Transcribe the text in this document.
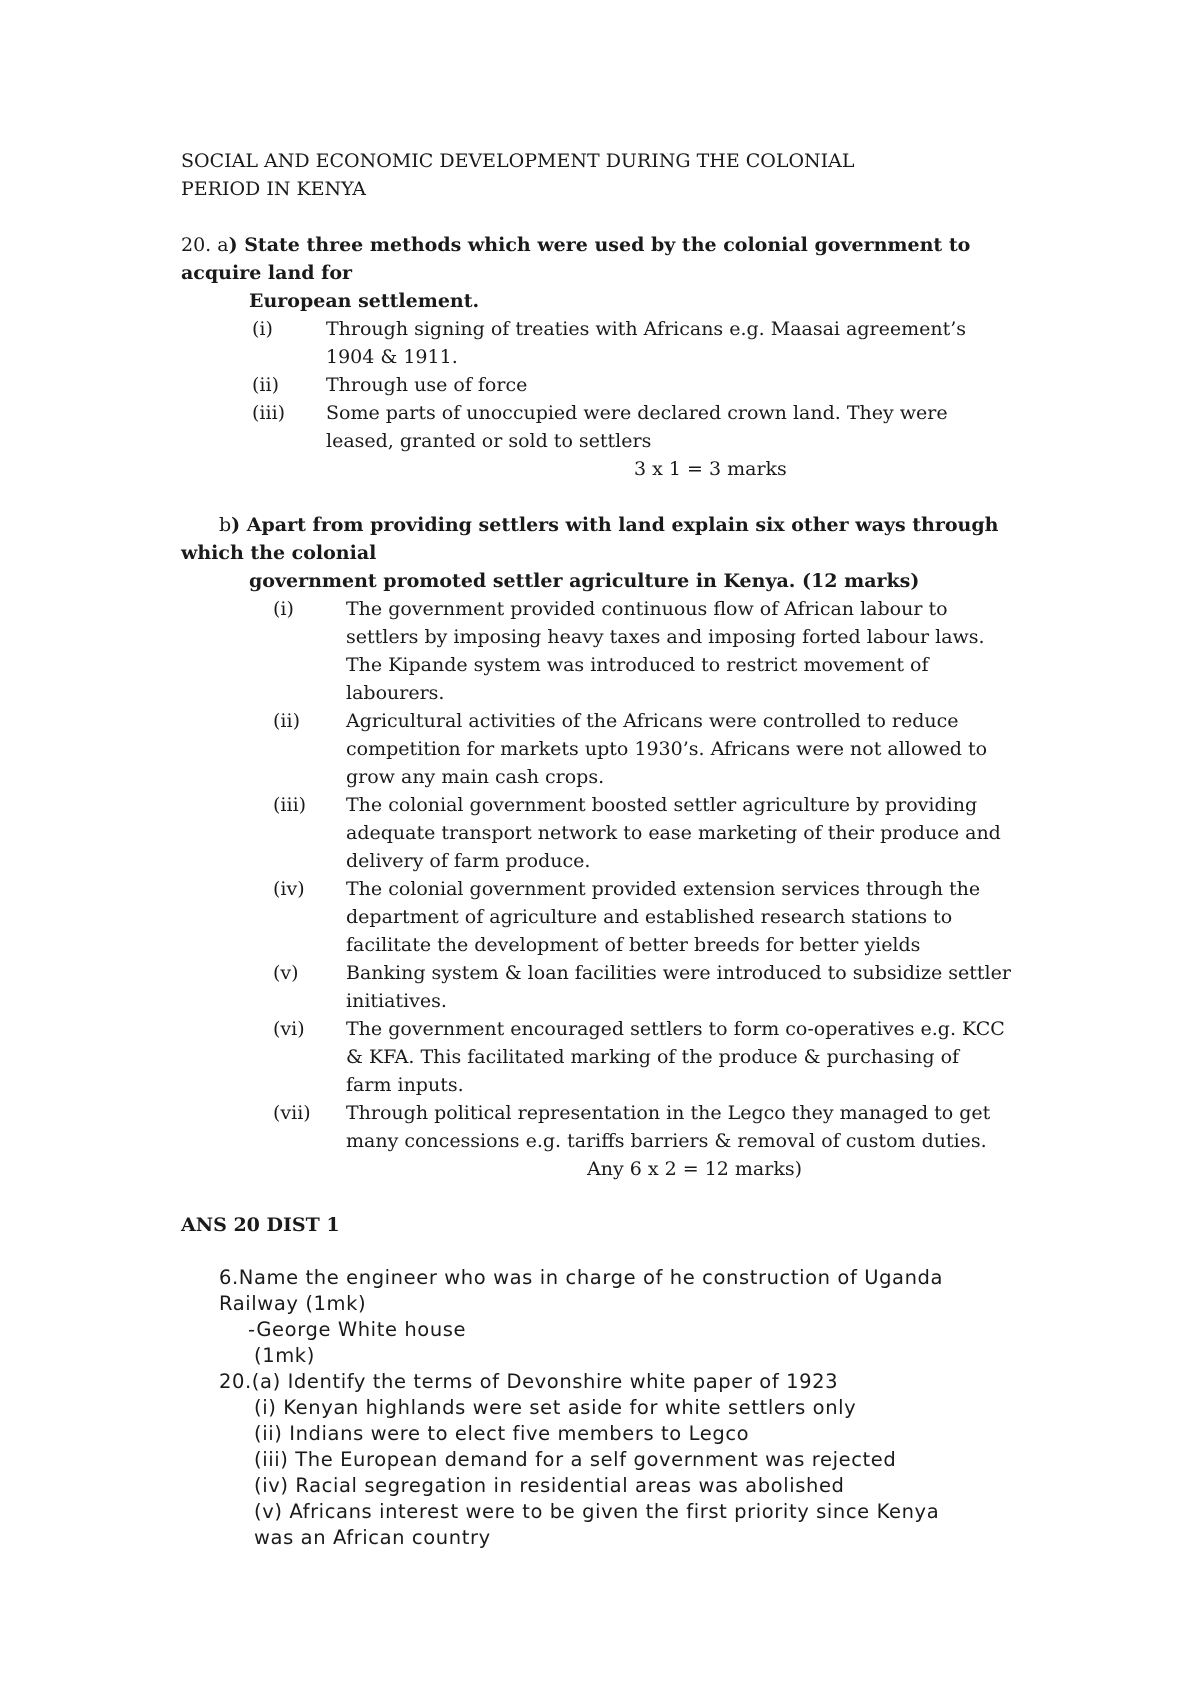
SOCIAL AND ECONOMIC DEVELOPMENT DURING THE COLONIAL
PERIOD IN KENYA
20. a) State three methods which were used by the colonial government to
acquire land for
European settlement.
(i)	Through signing of treaties with Africans e.g. Maasai agreement’s
1904 & 1911.
(ii) Through use of force
(iii) Some parts of unoccupied were declared crown land. They were
leased, granted or sold to settlers
3 x 1 = 3 marks
b) Apart from providing settlers with land explain six other ways through
which the colonial
government promoted settler agriculture in Kenya. (12 marks)
(i)	The government provided continuous flow of African labour to
settlers by imposing heavy taxes and imposing forted labour laws.
The Kipande system was introduced to restrict movement of
labourers.
(ii) Agricultural activities of the Africans were controlled to reduce
competition for markets upto 1930’s. Africans were not allowed to
grow any main cash crops.
(iii) The colonial government boosted settler agriculture by providing
adequate transport network to ease marketing of their produce and
delivery of farm produce.
(iv) The colonial government provided extension services through the
department of agriculture and established research stations to
facilitate the development of better breeds for better yields
(v) Banking system & loan facilities were introduced to subsidize settler
initiatives.
(vi) The government encouraged settlers to form co-operatives e.g. KCC
& KFA. This facilitated marking of the produce & purchasing of
farm inputs.
(vii) Through political representation in the Legco they managed to get
many concessions e.g. tariffs barriers & removal of custom duties.
Any 6 x 2 = 12 marks)
ANS 20 DIST 1
6.Name the engineer who was in charge of he construction of Uganda
Railway (1mk)
-George White house
(1mk)
20.(a) Identify the terms of Devonshire white paper of 1923
(i) Kenyan highlands were set aside for white settlers only
(ii) Indians were to elect five members to Legco
(iii) The European demand for a self government was rejected
(iv) Racial segregation in residential areas was abolished
(v) Africans interest were to be given the first priority since Kenya
was an African country
